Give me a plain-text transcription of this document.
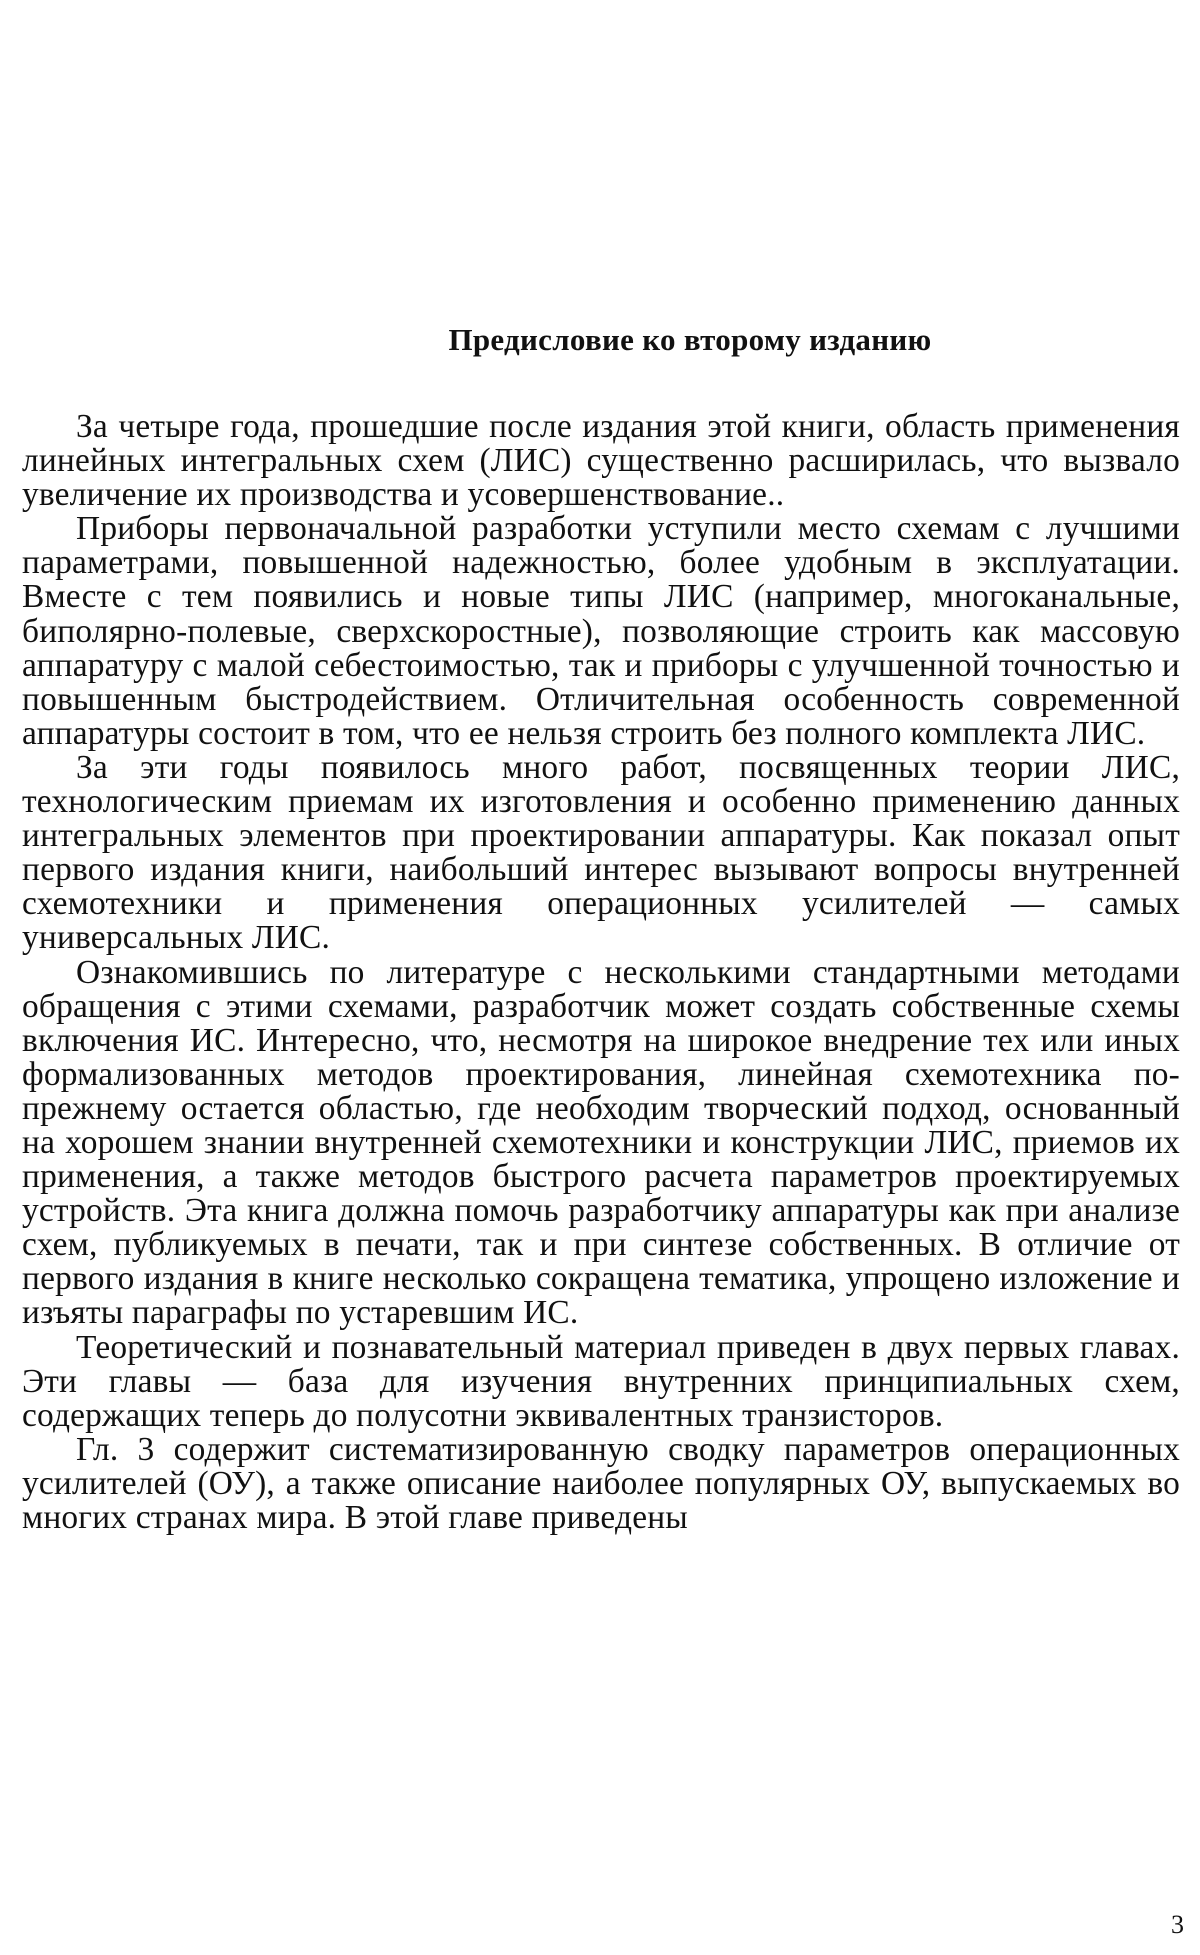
Предисловие ко второму изданию

За четыре года, прошедшие после издания этой книги, область применения линейных интегральных схем (ЛИС) существенно расширилась, что вызвало увеличение их производства и усовершенствование..

Приборы первоначальной разработки уступили место схемам с лучшими параметрами, повышенной надежностью, более удобным в эксплуатации. Вместе с тем появились и новые типы ЛИС (например, многоканальные, биполярно-полевые, сверхскоростные), позволяющие строить как массовую аппаратуру с малой себестоимостью, так и приборы с улучшенной точностью и повышенным быстродействием. Отличительная особенность современной аппаратуры состоит в том, что ее нельзя строить без полного комплекта ЛИС.

За эти годы появилось много работ, посвященных теории ЛИС, технологическим приемам их изготовления и особенно применению данных интегральных элементов при проектировании аппаратуры. Как показал опыт первого издания книги, наибольший интерес вызывают вопросы внутренней схемотехники и применения операционных усилителей — самых универсальных ЛИС.

Ознакомившись по литературе с несколькими стандартными методами обращения с этими схемами, разработчик может создать собственные схемы включения ИС. Интересно, что, несмотря на широкое внедрение тех или иных формализованных методов проектирования, линейная схемотехника по-прежнему остается областью, где необходим творческий подход, основанный на хорошем знании внутренней схемотехники и конструкции ЛИС, приемов их применения, а также методов быстрого расчета параметров проектируемых устройств. Эта книга должна помочь разработчику аппаратуры как при анализе схем, публикуемых в печати, так и при синтезе собственных. В отличие от первого издания в книге несколько сокращена тематика, упрощено изложение и изъяты параграфы по устаревшим ИС.

Теоретический и познавательный материал приведен в двух первых главах. Эти главы — база для изучения внутренних принципиальных схем, содержащих теперь до полусотни эквивалентных транзисторов.

Гл. 3 содержит систематизированную сводку параметров операционных усилителей (ОУ), а также описание наиболее популярных ОУ, выпускаемых во многих странах мира. В этой главе приведены

3
